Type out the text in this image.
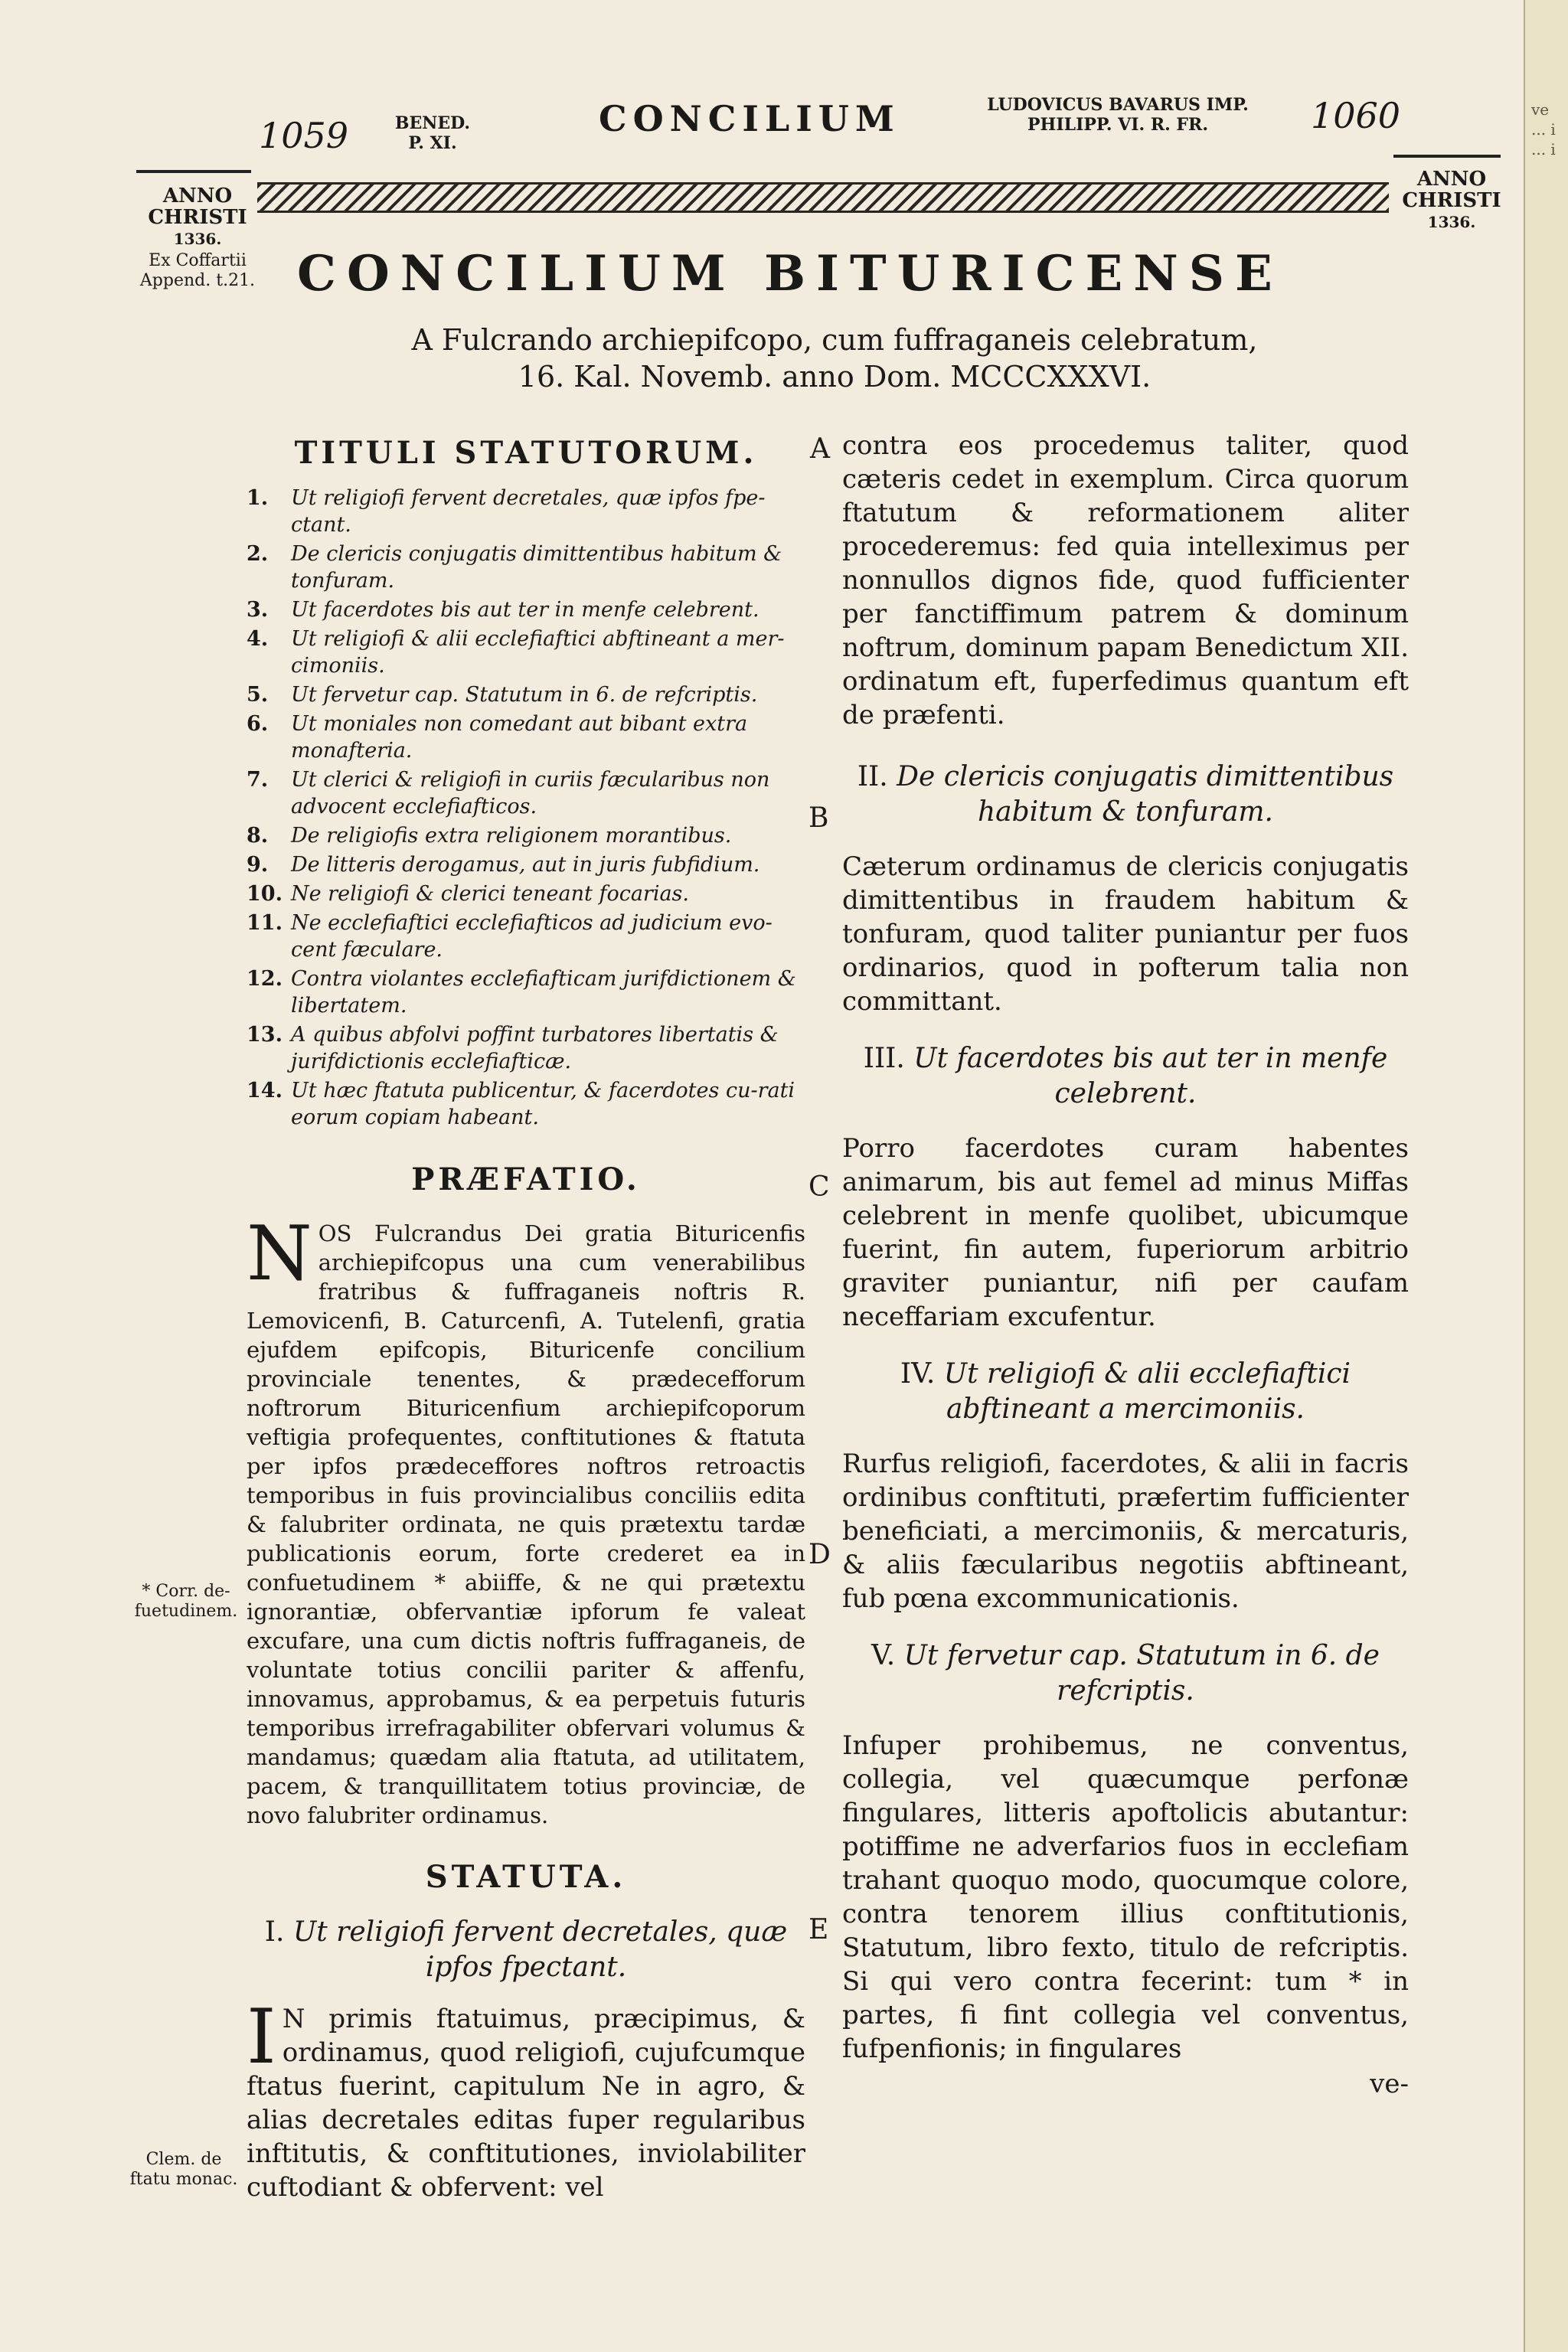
1059	BENED.
P. XI.
CONCILIUM	LUDOVICUS BAVARUS IMP.
PHILIPP. VI. R. FR.	1060
ANNO
CHRISTI
1336.
Ex Coffartii
Append. t.21.
ANNO
CHRISTI
1336.
* Corr. de-
fuetudinem.
Clem. de
ftatu monac.
CONCILIUM BITURICENSE
A Fulcrando archiepifcopo, cum fuffraganeis celebratum,
16. Kal. Novemb. anno Dom. MCCCXXXVI.
TITULI STATUTORUM.
1. Ut religiofi fervent decretales, quæ ipfos fpe-ctant.
2. De clericis conjugatis dimittentibus habitum & tonfuram.
3. Ut facerdotes bis aut ter in menfe celebrent.
4. Ut religiofi & alii ecclefiaftici abftineant a mer-cimoniis.
5. Ut fervetur cap. Statutum in 6. de refcriptis.
6. Ut moniales non comedant aut bibant extra monafteria.
7. Ut clerici & religiofi in curiis fæcularibus non advocent ecclefiafticos.
8. De religiofis extra religionem morantibus.
9. De litteris derogamus, aut in juris fubfidium.
10. Ne religiofi & clerici teneant focarias.
11. Ne ecclefiaftici ecclefiafticos ad judicium evo-cent fæculare.
12. Contra violantes ecclefiafticam jurifdictionem & libertatem.
13. A quibus abfolvi poffint turbatores libertatis & jurifdictionis ecclefiafticæ.
14. Ut hæc ftatuta publicentur, & facerdotes cu-rati eorum copiam habeant.
PRÆFATIO.

NOS Fulcrandus Dei gratia Bituricenfis archiepifcopus una cum venerabilibus fratribus & fuffraganeis noftris R. Lemovicenfi, B. Caturcenfi, A. Tutelenfi, gratia ejufdem epifcopis, Bituricenfe concilium provinciale tenentes, & prædecefforum noftrorum Bituricenfium archiepifcoporum veftigia profequentes, conftitutiones & ftatuta per ipfos prædeceffores noftros retroactis temporibus in fuis provincialibus conciliis edita & falubriter ordinata, ne quis prætextu tardæ publicationis eorum, forte crederet ea in confuetudinem * abiiffe, & ne qui prætextu ignorantiæ, obfervantiæ ipforum fe valeat excufare, una cum dictis noftris fuffraganeis, de voluntate totius concilii pariter & affenfu, innovamus, approbamus, & ea perpetuis futuris temporibus irrefragabiliter obfervari volumus & mandamus; quædam alia ftatuta, ad utilitatem, pacem, & tranquillitatem totius provinciæ, de novo falubriter ordinamus.

STATUTA.

I. Ut religiofi fervent decretales, quæ ipfos fpectant.

I N primis ftatuimus, præcipimus, & ordinamus, quod religiofi, cujufcumque ftatus fuerint, capitulum Ne in agro, & alias decretales editas fuper regularibus inftitutis, & conftitutiones, inviolabiliter cuftodiant & obfervent: vel

contra eos procedemus taliter, quod cæteris cedet in exemplum. Circa quorum ftatutum & reformationem aliter procederemus: fed quia intelleximus per nonnullos dignos fide, quod fufficienter per fanctiffimum patrem & dominum noftrum, dominum papam Benedictum XII. ordinatum eft, fuperfedimus quantum eft de præfenti.

II. De clericis conjugatis dimittentibus habitum & tonfuram.

Cæterum ordinamus de clericis conjugatis dimittentibus in fraudem habitum & tonfuram, quod taliter puniantur per fuos ordinarios, quod in pofterum talia non committant.

III. Ut facerdotes bis aut ter in menfe celebrent.

Porro facerdotes curam habentes animarum, bis aut femel ad minus Miffas celebrent in menfe quolibet, ubicumque fuerint, fin autem, fuperiorum arbitrio graviter puniantur, nifi per caufam neceffariam excufentur.

IV. Ut religiofi & alii ecclefiaftici abftineant a mercimoniis.

Rurfus religiofi, facerdotes, & alii in facris ordinibus conftituti, præfertim fufficienter beneficiati, a mercimoniis, & mercaturis, & aliis fæcularibus negotiis abftineant, fub pœna excommunicationis.

V. Ut fervetur cap. Statutum in 6. de refcriptis.

Infuper prohibemus, ne conventus, collegia, vel quæcumque perfonæ fingulares, litteris apoftolicis abutantur: potiffime ne adverfarios fuos in ecclefiam trahant quoquo modo, quocumque colore, contra tenorem illius conftitutionis, Statutum, libro fexto, titulo de refcriptis. Si qui vero contra fecerint: tum * in partes, fi fint collegia vel conventus, fufpenfionis; in fingulares

ve-
A
B
C
D
E
ve ... i ... i
